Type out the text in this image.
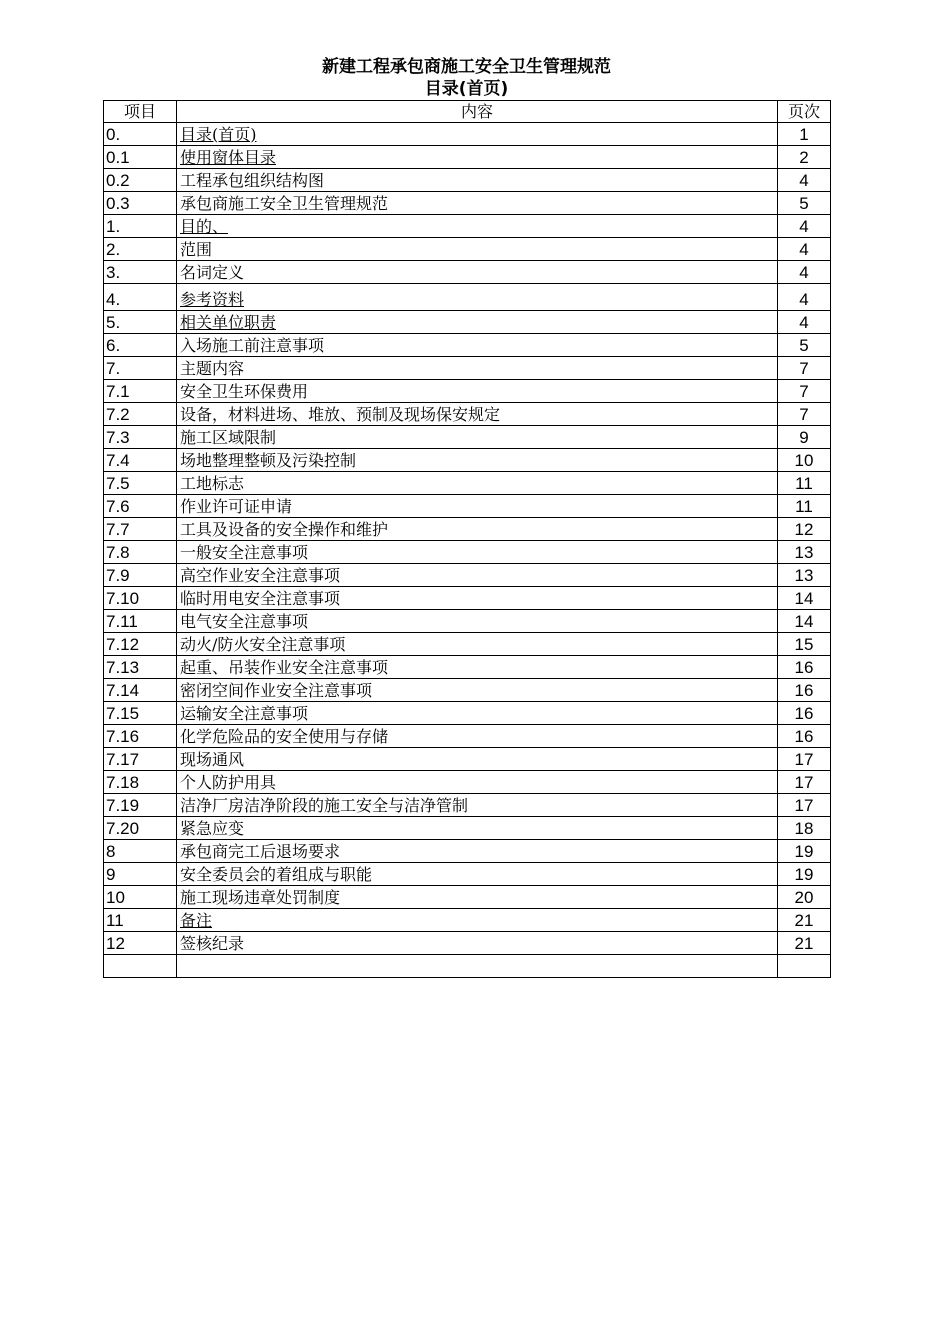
新建工程承包商施工安全卫生管理规范
目录(首页)
项目	内容	页次
0.	目录(首页)	1
0.1	使用窗体目录	2
0.2	工程承包组织结构图	4
0.3	承包商施工安全卫生管理规范	5
1.	目的、	4
2.	范围	4
3.	名词定义	4
4.	参考资料	4
5.	相关单位职责	4
6.	入场施工前注意事项	5
7.	主题内容	7
7.1	安全卫生环保费用	7
7.2	设备，材料进场、堆放、预制及现场保安规定	7
7.3	施工区域限制	9
7.4	场地整理整顿及污染控制	10
7.5	工地标志	11
7.6	作业许可证申请	11
7.7	工具及设备的安全操作和维护	12
7.8	一般安全注意事项	13
7.9	高空作业安全注意事项	13
7.10	临时用电安全注意事项	14
7.11	电气安全注意事项	14
7.12	动火/防火安全注意事项	15
7.13	起重、吊装作业安全注意事项	16
7.14	密闭空间作业安全注意事项	16
7.15	运输安全注意事项	16
7.16	化学危险品的安全使用与存储	16
7.17	现场通风	17
7.18	个人防护用具	17
7.19	洁净厂房洁净阶段的施工安全与洁净管制	17
7.20	紧急应变	18
8	承包商完工后退场要求	19
9	安全委员会的着组成与职能	19
10	施工现场违章处罚制度	20
11	备注	21
12	签核纪录	21
